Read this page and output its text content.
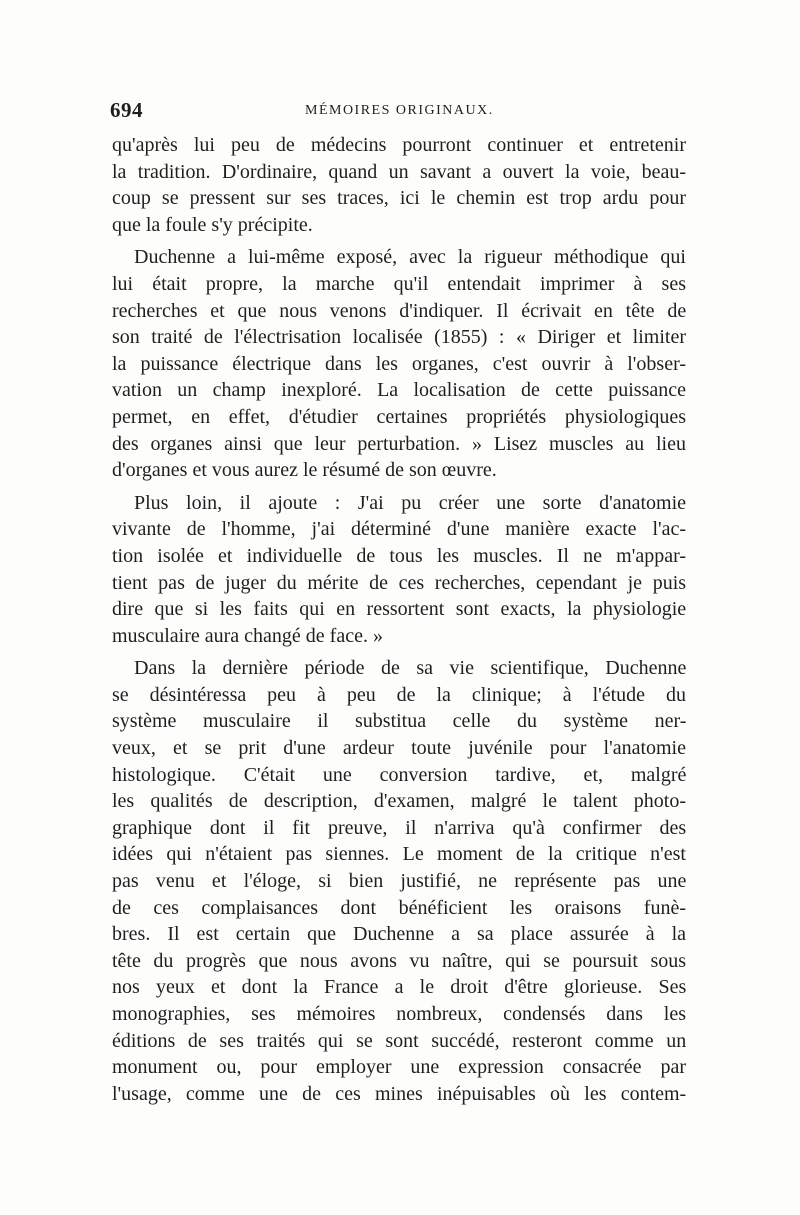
694	MÉMOIRES ORIGINAUX.
qu'après lui peu de médecins pourront continuer et entretenir
la tradition. D'ordinaire, quand un savant a ouvert la voie, beau-
coup se pressent sur ses traces, ici le chemin est trop ardu pour
que la foule s'y précipite.
Duchenne a lui-même exposé, avec la rigueur méthodique qui
lui était propre, la marche qu'il entendait imprimer à ses
recherches et que nous venons d'indiquer. Il écrivait en tête de
son traité de l'électrisation localisée (1855) : « Diriger et limiter
la puissance électrique dans les organes, c'est ouvrir à l'obser-
vation un champ inexploré. La localisation de cette puissance
permet, en effet, d'étudier certaines propriétés physiologiques
des organes ainsi que leur perturbation. » Lisez muscles au lieu
d'organes et vous aurez le résumé de son œuvre.
Plus loin, il ajoute : J'ai pu créer une sorte d'anatomie
vivante de l'homme, j'ai déterminé d'une manière exacte l'ac-
tion isolée et individuelle de tous les muscles. Il ne m'appar-
tient pas de juger du mérite de ces recherches, cependant je puis
dire que si les faits qui en ressortent sont exacts, la physiologie
musculaire aura changé de face. »
Dans la dernière période de sa vie scientifique, Duchenne
se désintéressa peu à peu de la clinique; à l'étude du
système musculaire il substitua celle du système ner-
veux, et se prit d'une ardeur toute juvénile pour l'anatomie
histologique. C'était une conversion tardive, et, malgré
les qualités de description, d'examen, malgré le talent photo-
graphique dont il fit preuve, il n'arriva qu'à confirmer des
idées qui n'étaient pas siennes. Le moment de la critique n'est
pas venu et l'éloge, si bien justifié, ne représente pas une
de ces complaisances dont bénéficient les oraisons funè-
bres. Il est certain que Duchenne a sa place assurée à la
tête du progrès que nous avons vu naître, qui se poursuit sous
nos yeux et dont la France a le droit d'être glorieuse. Ses
monographies, ses mémoires nombreux, condensés dans les
éditions de ses traités qui se sont succédé, resteront comme un
monument ou, pour employer une expression consacrée par
l'usage, comme une de ces mines inépuisables où les contem-
